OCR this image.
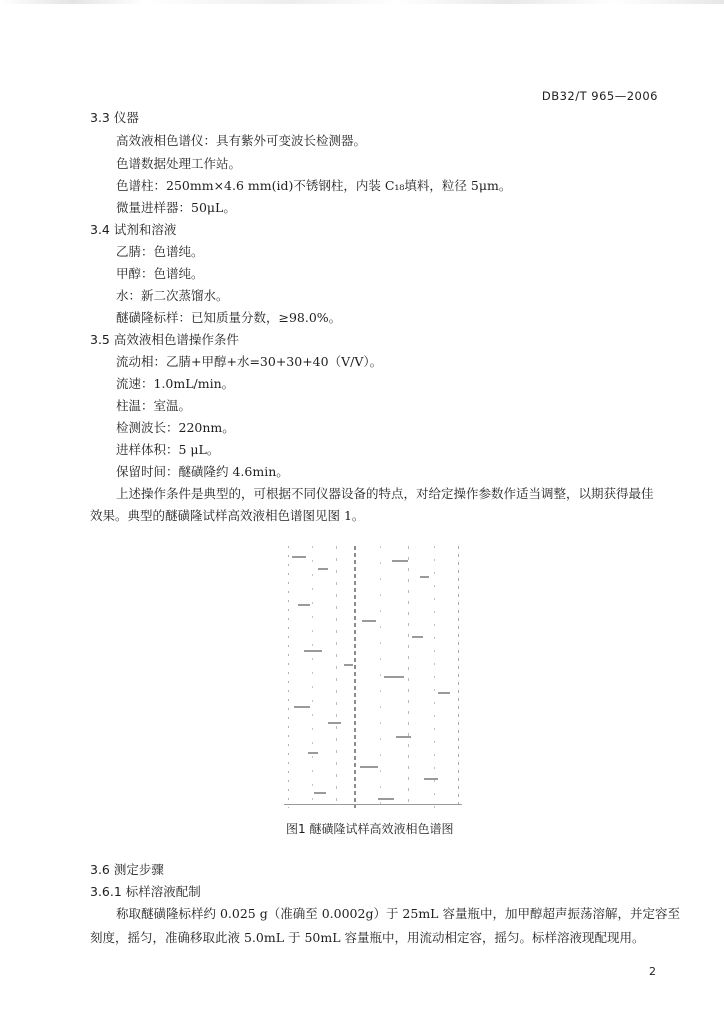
DB32/T 965—2006
3.3 仪器
高效液相色谱仪：具有紫外可变波长检测器。
色谱数据处理工作站。
色谱柱：250mm×4.6 mm(id)不锈钢柱，内装 C₁₈填料，粒径 5μm。
微量进样器：50μL。
3.4 试剂和溶液
乙腈：色谱纯。
甲醇：色谱纯。
水：新二次蒸馏水。
醚磺隆标样：已知质量分数，≥98.0%。
3.5 高效液相色谱操作条件
流动相：乙腈+甲醇+水=30+30+40（V/V）。
流速：1.0mL/min。
柱温：室温。
检测波长：220nm。
进样体积：5 μL。
保留时间：醚磺隆约 4.6min。
上述操作条件是典型的，可根据不同仪器设备的特点，对给定操作参数作适当调整，以期获得最佳
效果。典型的醚磺隆试样高效液相色谱图见图 1。
图1 醚磺隆试样高效液相色谱图
3.6 测定步骤
3.6.1 标样溶液配制
称取醚磺隆标样约 0.025 g（准确至 0.0002g）于 25mL 容量瓶中，加甲醇超声振荡溶解，并定容至
刻度，摇匀，准确移取此液 5.0mL 于 50mL 容量瓶中，用流动相定容，摇匀。标样溶液现配现用。
2
